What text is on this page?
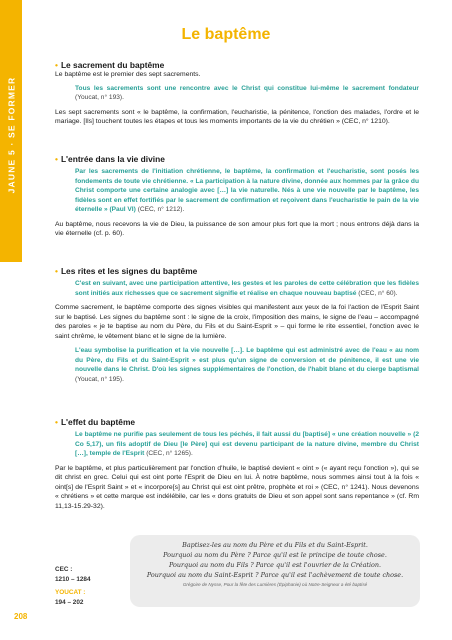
JAUNE 5 · SE FORMER
Le baptême

• Le sacrement du baptême

Le baptême est le premier des sept sacrements.

Tous les sacrements sont une rencontre avec le Christ qui constitue lui-même le sacrement fondateur (Youcat, n° 193).

Les sept sacrements sont « le baptême, la confirmation, l'eucharistie, la pénitence, l'onction des malades, l'ordre et le mariage. [Ils] touchent toutes les étapes et tous les moments importants de la vie du chrétien » (CEC, n° 1210).

• L'entrée dans la vie divine

Par les sacrements de l'initiation chrétienne, le baptême, la confirmation et l'eucharistie, sont posés les fondements de toute vie chrétienne. « La participation à la nature divine, donnée aux hommes par la grâce du Christ comporte une certaine analogie avec […] la vie naturelle. Nés à une vie nouvelle par le baptême, les fidèles sont en effet fortifiés par le sacrement de confirmation et reçoivent dans l'eucharistie le pain de la vie éternelle » (Paul VI) (CEC, n° 1212).

Au baptême, nous recevons la vie de Dieu, la puissance de son amour plus fort que la mort ; nous entrons déjà dans la vie éternelle (cf. p. 60).

• Les rites et les signes du baptême

C'est en suivant, avec une participation attentive, les gestes et les paroles de cette célébration que les fidèles sont initiés aux richesses que ce sacrement signifie et réalise en chaque nouveau baptisé (CEC, n° 60).

Comme sacrement, le baptême comporte des signes visibles qui manifestent aux yeux de la foi l'action de l'Esprit Saint sur le baptisé. Les signes du baptême sont : le signe de la croix, l'imposition des mains, le signe de l'eau – accompagné des paroles « je te baptise au nom du Père, du Fils et du Saint-Esprit » – qui forme le rite essentiel, l'onction avec le saint chrême, le vêtement blanc et le signe de la lumière.

L'eau symbolise la purification et la vie nouvelle […]. Le baptême qui est administré avec de l'eau « au nom du Père, du Fils et du Saint-Esprit » est plus qu'un signe de conversion et de pénitence, il est une vie nouvelle dans le Christ. D'où les signes supplémentaires de l'onction, de l'habit blanc et du cierge baptismal (Youcat, n° 195).

• L'effet du baptême

Le baptême ne purifie pas seulement de tous les péchés, il fait aussi du [baptisé] « une création nouvelle » (2 Co 5,17), un fils adoptif de Dieu [le Père] qui est devenu participant de la nature divine, membre du Christ […], temple de l'Esprit (CEC, n° 1265).

Par le baptême, et plus particulièrement par l'onction d'huile, le baptisé devient « oint » (« ayant reçu l'onction »), qui se dit christ en grec. Celui qui est oint porte l'Esprit de Dieu en lui. À notre baptême, nous sommes ainsi tout à la fois « oint[s] de l'Esprit Saint » et « incorpore[s] au Christ qui est oint prêtre, prophète et roi » (CEC, n° 1241). Nous devenons « chrétiens » et cette marque est indélébile, car les « dons gratuits de Dieu et son appel sont sans repentance » (cf. Rm 11,13-15.29-32).

Baptisez-les au nom du Père et du Fils et du Saint-Esprit.
Pourquoi au nom du Père ? Parce qu'il est le principe de toute chose.
Pourquoi au nom du Fils ? Parce qu'il est l'ouvrier de la Création.
Pourquoi au nom du Saint-Esprit ? Parce qu'il est l'achèvement de toute chose.
Grégoire de Nysse, Pour la fête des Lumières (Épiphanie) où Notre-Seigneur a été baptisé
CEC :
1210 – 1284
YOUCAT :
194 – 202
208
